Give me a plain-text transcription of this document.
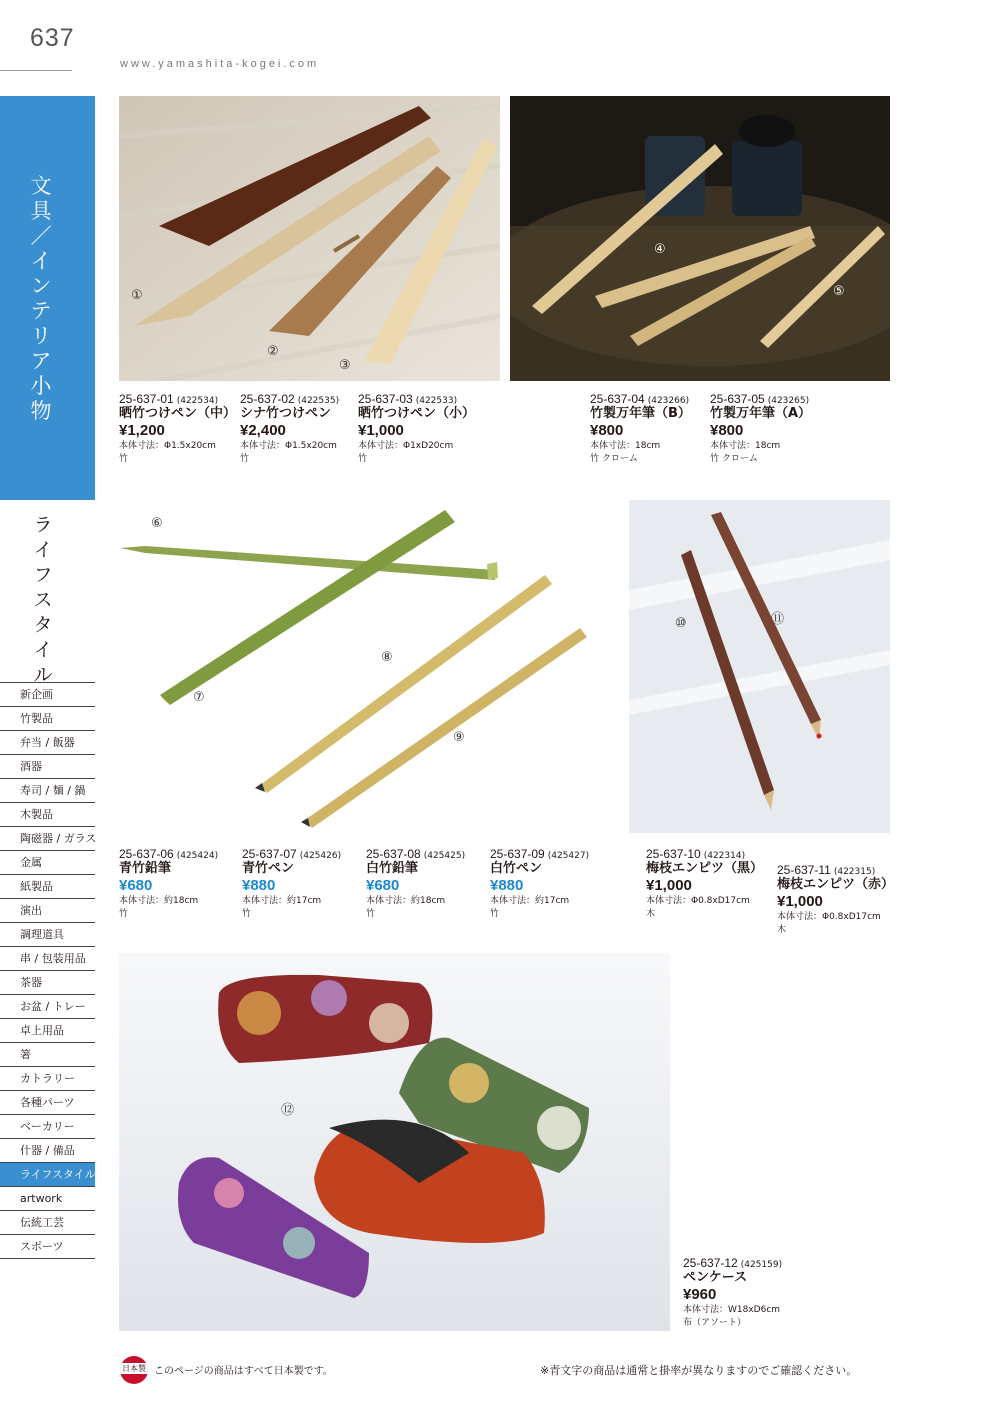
637
www.yamashita-kogei.com
文
具
／
イ
ン
テ
リ
ア
小
物
ラ
イ
フ
ス
タ
イ
ル
新企画
竹製品
弁当 / 飯器
酒器
寿司 / 麺 / 鍋
木製品
陶磁器 / ガラス
金属
紙製品
演出
調理道具
串 / 包装用品
茶器
お盆 / トレー
卓上用品
箸
カトラリー
各種パーツ
ベーカリー
什器 / 備品
ライフスタイル
artwork
伝統工芸
スポーツ
①
②
③
④
⑤
25-637-01 (422534)
晒竹つけペン（中）
¥1,200
本体寸法：Φ1.5x20cm
竹
25-637-02 (422535)
シナ竹つけペン
¥2,400
本体寸法：Φ1.5x20cm
竹
25-637-03 (422533)
晒竹つけペン（小）
¥1,000
本体寸法：Φ1xD20cm
竹
25-637-04 (423266)
竹製万年筆（B）
¥800
本体寸法：18cm
竹 クローム
25-637-05 (423265)
竹製万年筆（A）
¥800
本体寸法：18cm
竹 クローム
⑥
⑦
⑧
⑨
⑩	⑪
25-637-06 (425424)
青竹鉛筆
¥680
本体寸法：約18cm
竹
25-637-07 (425426)
青竹ペン
¥880
本体寸法：約17cm
竹
25-637-08 (425425)
白竹鉛筆
¥680
本体寸法：約18cm
竹
25-637-09 (425427)
白竹ペン
¥880
本体寸法：約17cm
竹
25-637-10 (422314)
梅枝エンピツ（黒）
¥1,000
本体寸法：Φ0.8xD17cm
木
25-637-11 (422315)
梅枝エンピツ（赤）
¥1,000
本体寸法：Φ0.8xD17cm
木
⑫
25-637-12 (425159)
ペンケース
¥960
本体寸法：W18xD6cm
布（アソート）
日本製 このページの商品はすべて日本製です。	※青文字の商品は通常と掛率が異なりますのでご確認ください。
